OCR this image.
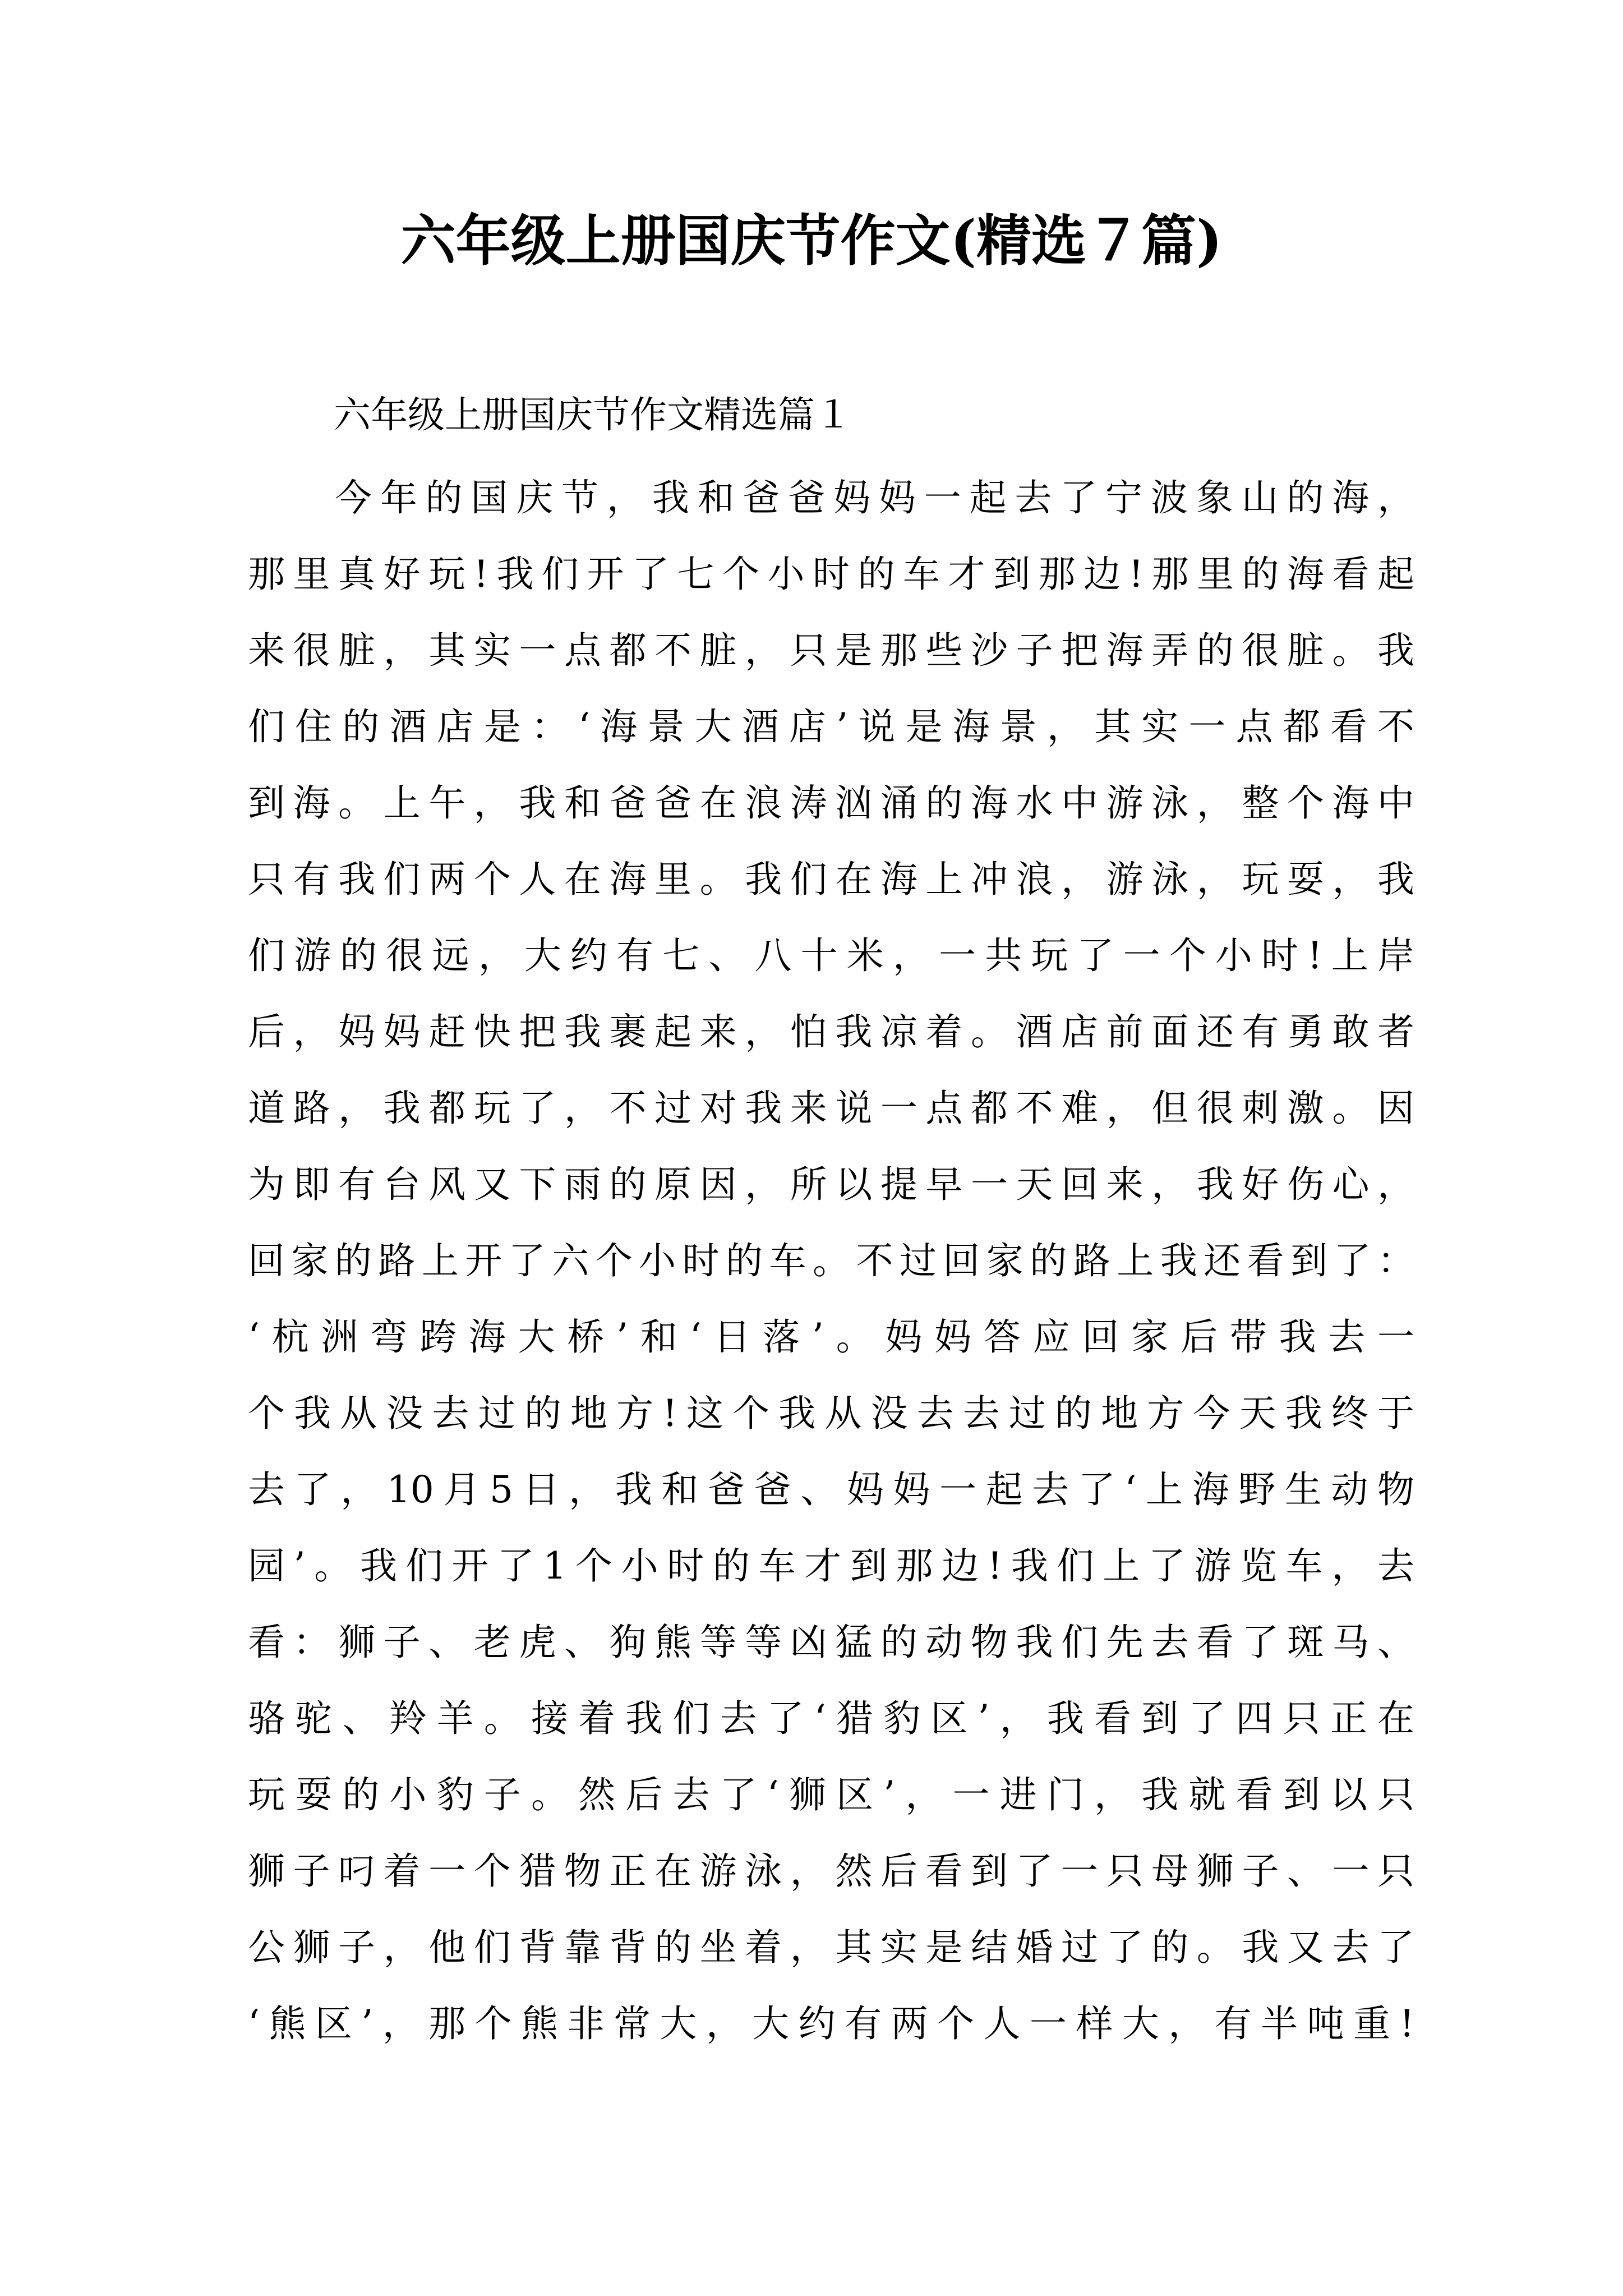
六年级上册国庆节作文(精选７篇)
六年级上册国庆节作文精选篇１
今年的国庆节，我和爸爸妈妈一起去了宁波象山的海，
那里真好玩!我们开了七个小时的车才到那边!那里的海看起
来很脏，其实一点都不脏，只是那些沙子把海弄的很脏。我
们住的酒店是：‘海景大酒店’说是海景，其实一点都看不
到海。上午，我和爸爸在浪涛汹涌的海水中游泳，整个海中
只有我们两个人在海里。我们在海上冲浪，游泳，玩耍，我
们游的很远，大约有七、八十米，一共玩了一个小时!上岸
后，妈妈赶快把我裹起来，怕我凉着。酒店前面还有勇敢者
道路，我都玩了，不过对我来说一点都不难，但很刺激。因
为即有台风又下雨的原因，所以提早一天回来，我好伤心，
回家的路上开了六个小时的车。不过回家的路上我还看到了：
‘杭洲弯跨海大桥’和‘日落’。妈妈答应回家后带我去一
个我从没去过的地方!这个我从没去去过的地方今天我终于
去了，10月5日，我和爸爸、妈妈一起去了‘上海野生动物
园’。我们开了1个小时的车才到那边!我们上了游览车，去
看：狮子、老虎、狗熊等等凶猛的动物我们先去看了斑马、
骆驼、羚羊。接着我们去了‘猎豹区’，我看到了四只正在
玩耍的小豹子。然后去了‘狮区’，一进门，我就看到以只
狮子叼着一个猎物正在游泳，然后看到了一只母狮子、一只
公狮子，他们背靠背的坐着，其实是结婚过了的。我又去了
‘熊区’，那个熊非常大，大约有两个人一样大，有半吨重!
